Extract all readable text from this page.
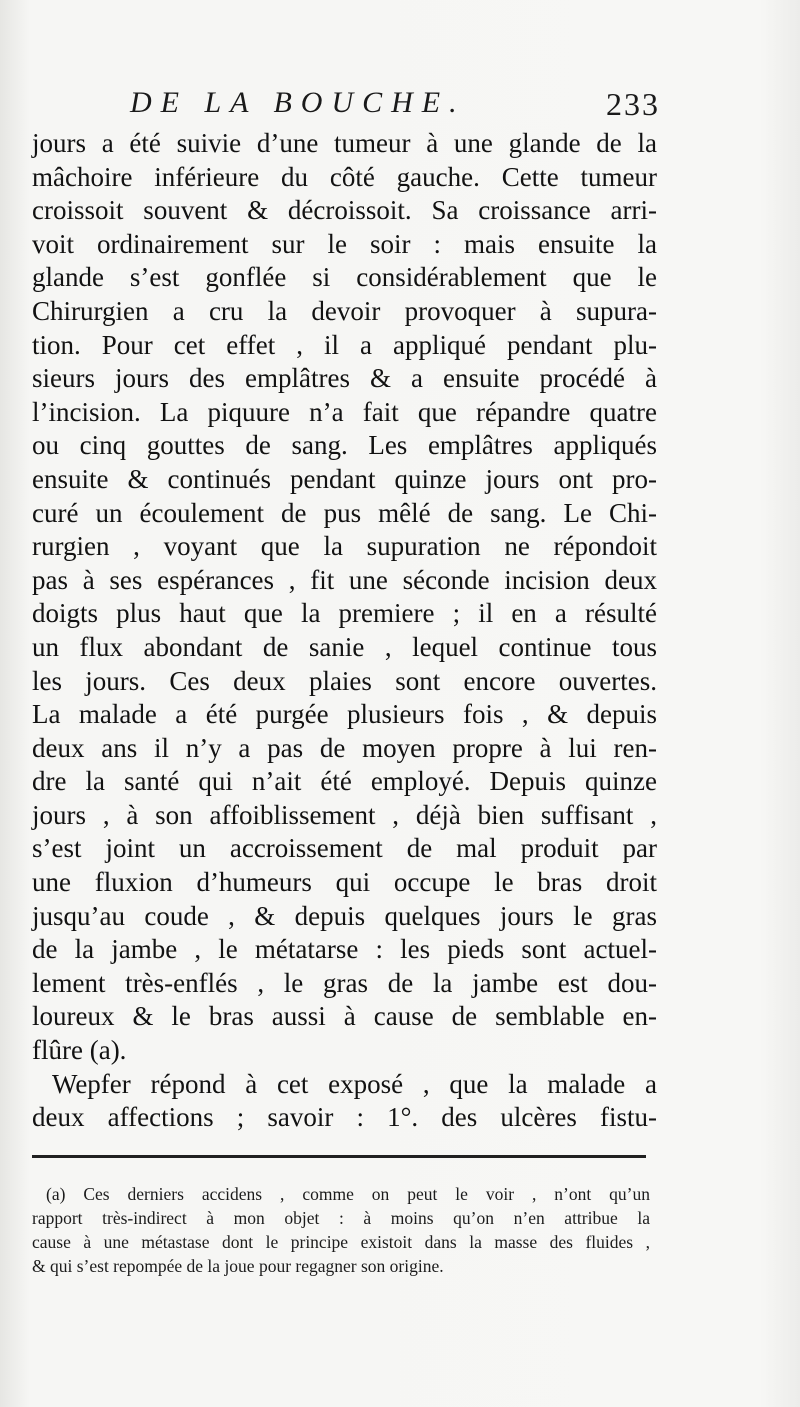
DE LA BOUCHE.	233
jours a été suivie d’une tumeur à une glande de la
mâchoire inférieure du côté gauche. Cette tumeur
croissoit souvent & décroissoit. Sa croissance arri-
voit ordinairement sur le soir : mais ensuite la
glande s’est gonflée si considérablement que le
Chirurgien a cru la devoir provoquer à supura-
tion. Pour cet effet , il a appliqué pendant plu-
sieurs jours des emplâtres & a ensuite procédé à
l’incision. La piquure n’a fait que répandre quatre
ou cinq gouttes de sang. Les emplâtres appliqués
ensuite & continués pendant quinze jours ont pro-
curé un écoulement de pus mêlé de sang. Le Chi-
rurgien , voyant que la supuration ne répondoit
pas à ses espérances , fit une séconde incision deux
doigts plus haut que la premiere ; il en a résulté
un flux abondant de sanie , lequel continue tous
les jours. Ces deux plaies sont encore ouvertes.
La malade a été purgée plusieurs fois , & depuis
deux ans il n’y a pas de moyen propre à lui ren-
dre la santé qui n’ait été employé. Depuis quinze
jours , à son affoiblissement , déjà bien suffisant ,
s’est joint un accroissement de mal produit par
une fluxion d’humeurs qui occupe le bras droit
jusqu’au coude , & depuis quelques jours le gras
de la jambe , le métatarse : les pieds sont actuel-
lement très-enflés , le gras de la jambe est dou-
loureux & le bras aussi à cause de semblable en-
flûre (a).
Wepfer répond à cet exposé , que la malade a
deux affections ; savoir : 1°. des ulcères fistu-
(a) Ces derniers accidens , comme on peut le voir , n’ont qu’un
rapport très-indirect à mon objet : à moins qu’on n’en attribue la
cause à une métastase dont le principe existoit dans la masse des fluides ,
& qui s’est repompée de la joue pour regagner son origine.
